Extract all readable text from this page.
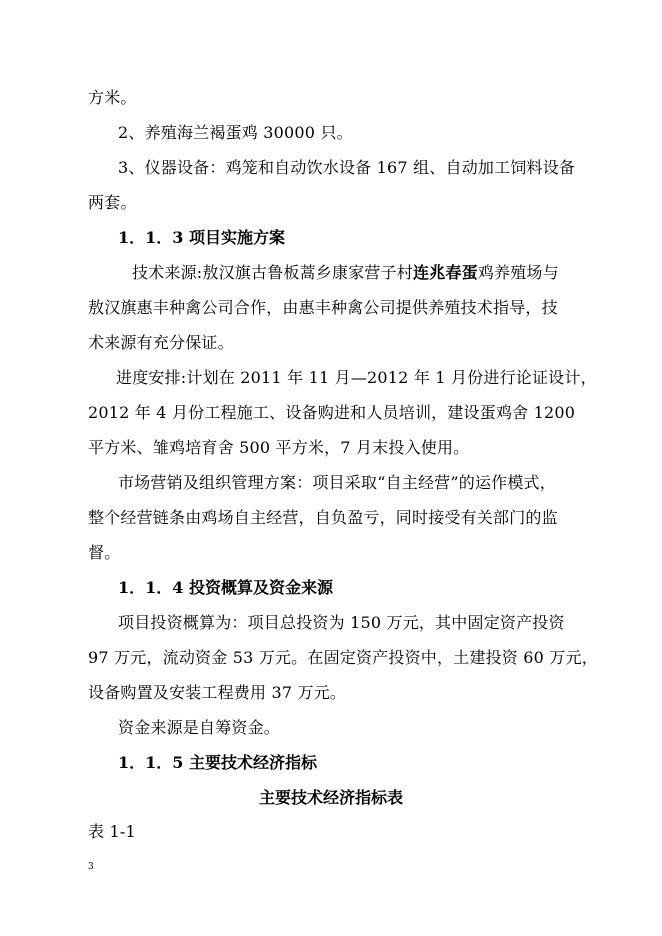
方米。
2、养殖海兰褐蛋鸡 30000 只。
3、仪器设备：鸡笼和自动饮水设备 167 组、自动加工饲料设备
两套。
1．1．3 项目实施方案
技术来源:敖汉旗古鲁板蒿乡康家营子村连兆春蛋鸡养殖场与
敖汉旗惠丰种禽公司合作，由惠丰种禽公司提供养殖技术指导，技
术来源有充分保证。
进度安排:计划在 2011 年 11 月—2012 年 1 月份进行论证设计，
2012 年 4 月份工程施工、设备购进和人员培训，建设蛋鸡舍 1200
平方米、雏鸡培育舍 500 平方米，7 月末投入使用。
市场营销及组织管理方案：项目采取“自主经营”的运作模式，
整个经营链条由鸡场自主经营，自负盈亏，同时接受有关部门的监
督。
1．1．4 投资概算及资金来源
项目投资概算为：项目总投资为 150 万元，其中固定资产投资
97 万元，流动资金 53 万元。在固定资产投资中，土建投资 60 万元，
设备购置及安装工程费用 37 万元。
资金来源是自筹资金。
1．1．5 主要技术经济指标
主要技术经济指标表
表 1-1
3
